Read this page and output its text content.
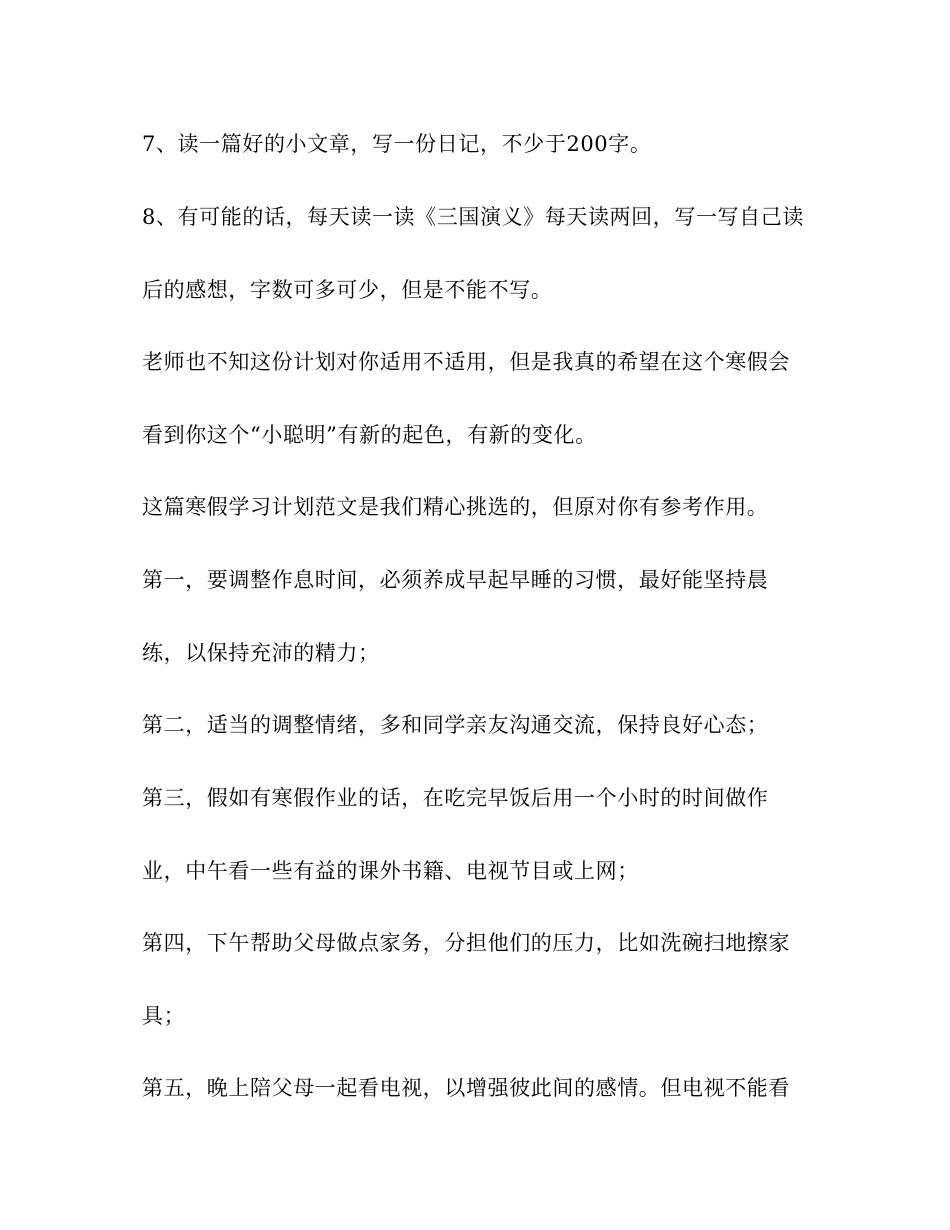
7、读一篇好的小文章，写一份日记，不少于200字。
8、有可能的话，每天读一读《三国演义》每天读两回，写一写自己读
后的感想，字数可多可少，但是不能不写。
老师也不知这份计划对你适用不适用，但是我真的希望在这个寒假会
看到你这个“小聪明”有新的起色，有新的变化。
这篇寒假学习计划范文是我们精心挑选的，但原对你有参考作用。
第一，要调整作息时间，必须养成早起早睡的习惯，最好能坚持晨
练，以保持充沛的精力；
第二，适当的调整情绪，多和同学亲友沟通交流，保持良好心态；
第三，假如有寒假作业的话，在吃完早饭后用一个小时的时间做作
业，中午看一些有益的课外书籍、电视节目或上网；
第四，下午帮助父母做点家务，分担他们的压力，比如洗碗扫地擦家
具；
第五，晚上陪父母一起看电视，以增强彼此间的感情。但电视不能看
